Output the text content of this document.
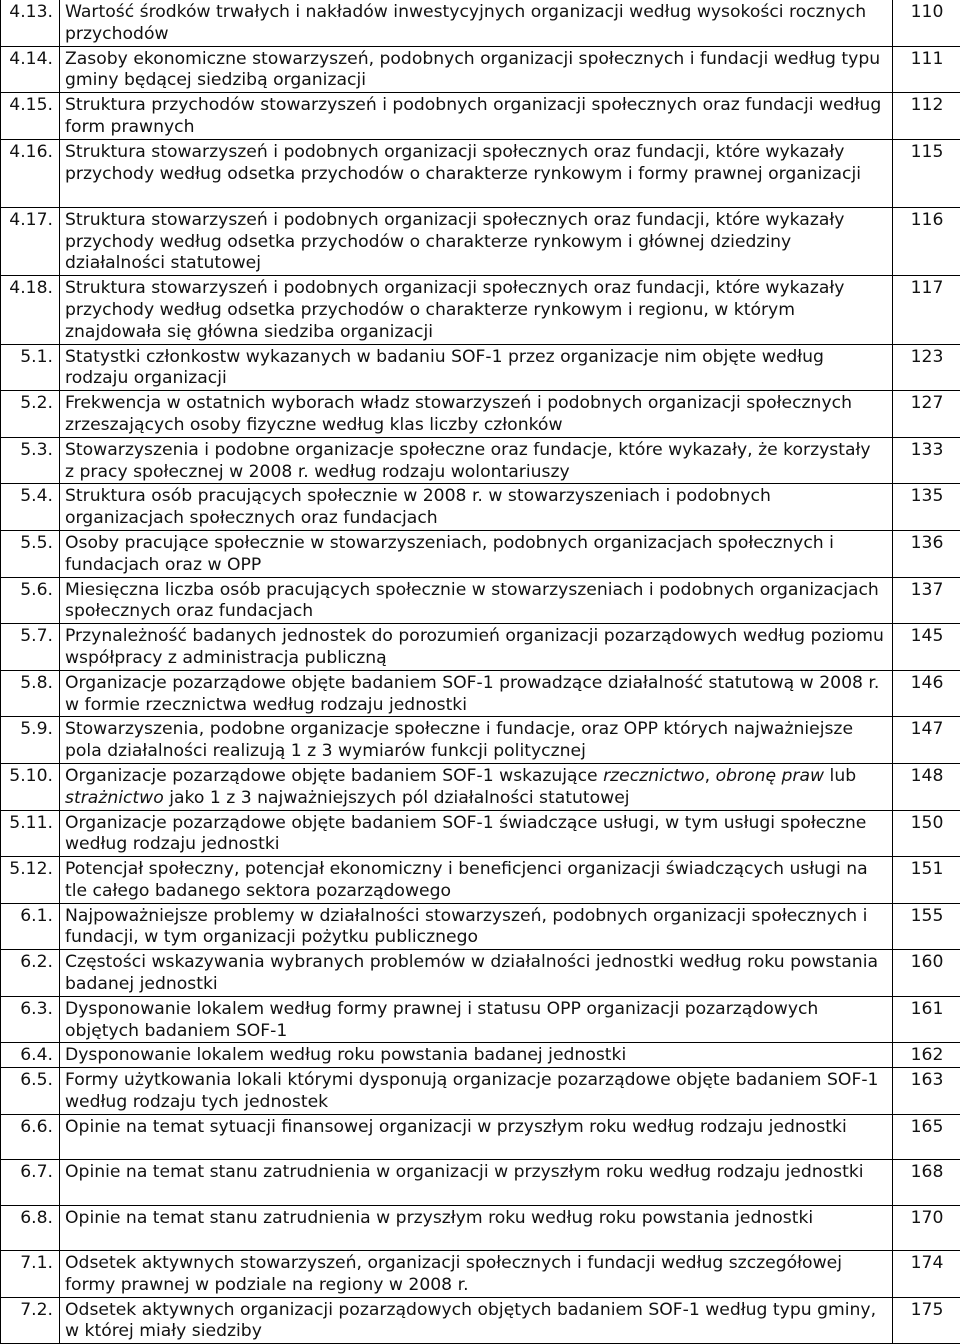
4.13.	Wartość środków trwałych i nakładów inwestycyjnych organizacji według wysokości rocznych przychodów	110
4.14.	Zasoby ekonomiczne stowarzyszeń, podobnych organizacji społecznych i fundacji według typu gminy będącej siedzibą organizacji	111
4.15.	Struktura przychodów stowarzyszeń i podobnych organizacji społecznych oraz fundacji według form prawnych	112
4.16.	Struktura stowarzyszeń i podobnych organizacji społecznych oraz fundacji, które wykazały przychody według odsetka przychodów o charakterze rynkowym i formy prawnej organizacji	115
4.17.	Struktura stowarzyszeń i podobnych organizacji społecznych oraz fundacji, które wykazały przychody według odsetka przychodów o charakterze rynkowym i głównej dziedziny działalności statutowej	116
4.18.	Struktura stowarzyszeń i podobnych organizacji społecznych oraz fundacji, które wykazały przychody według odsetka przychodów o charakterze rynkowym i regionu, w którym znajdowała się główna siedziba organizacji	117
5.1.	Statystki członkostw wykazanych w badaniu SOF-1 przez organizacje nim objęte według rodzaju organizacji	123
5.2.	Frekwencja w ostatnich wyborach władz stowarzyszeń i podobnych organizacji społecznych zrzeszających osoby fizyczne według klas liczby członków	127
5.3.	Stowarzyszenia i podobne organizacje społeczne oraz fundacje, które wykazały, że korzystały z pracy społecznej w 2008 r. według rodzaju wolontariuszy	133
5.4.	Struktura osób pracujących społecznie w 2008 r. w stowarzyszeniach i podobnych organizacjach społecznych oraz fundacjach	135
5.5.	Osoby pracujące społecznie w stowarzyszeniach, podobnych organizacjach społecznych i fundacjach oraz w OPP	136
5.6.	Miesięczna liczba osób pracujących społecznie w stowarzyszeniach i podobnych organizacjach społecznych oraz fundacjach	137
5.7.	Przynależność badanych jednostek do porozumień organizacji pozarządowych według poziomu współpracy z administracja publiczną	145
5.8.	Organizacje pozarządowe objęte badaniem SOF-1 prowadzące działalność statutową w 2008 r. w formie rzecznictwa według rodzaju jednostki	146
5.9.	Stowarzyszenia, podobne organizacje społeczne i fundacje, oraz OPP których najważniejsze pola działalności realizują 1 z 3 wymiarów funkcji politycznej	147
5.10.	Organizacje pozarządowe objęte badaniem SOF-1 wskazujące rzecznictwo, obronę praw lub strażnictwo jako 1 z 3 najważniejszych pól działalności statutowej	148
5.11.	Organizacje pozarządowe objęte badaniem SOF-1 świadczące usługi, w tym usługi społeczne według rodzaju jednostki	150
5.12.	Potencjał społeczny, potencjał ekonomiczny i beneficjenci organizacji świadczących usługi na tle całego badanego sektora pozarządowego	151
6.1.	Najpoważniejsze problemy w działalności stowarzyszeń, podobnych organizacji społecznych i fundacji, w tym organizacji pożytku publicznego	155
6.2.	Częstości wskazywania wybranych problemów w działalności jednostki według roku powstania badanej jednostki	160
6.3.	Dysponowanie lokalem według formy prawnej i statusu OPP organizacji pozarządowych objętych badaniem SOF-1	161
6.4.	Dysponowanie lokalem według roku powstania badanej jednostki	162
6.5.	Formy użytkowania lokali którymi dysponują organizacje pozarządowe objęte badaniem SOF-1 według rodzaju tych jednostek	163
6.6.	Opinie na temat sytuacji finansowej organizacji w przyszłym roku według rodzaju jednostki	165
6.7.	Opinie na temat stanu zatrudnienia w organizacji w przyszłym roku według rodzaju jednostki	168
6.8.	Opinie na temat stanu zatrudnienia w przyszłym roku według roku powstania jednostki	170
7.1.	Odsetek aktywnych stowarzyszeń, organizacji społecznych i fundacji według szczegółowej formy prawnej w podziale na regiony w 2008 r.	174
7.2.	Odsetek aktywnych organizacji pozarządowych objętych badaniem SOF-1 według typu gminy, w której miały siedziby	175
